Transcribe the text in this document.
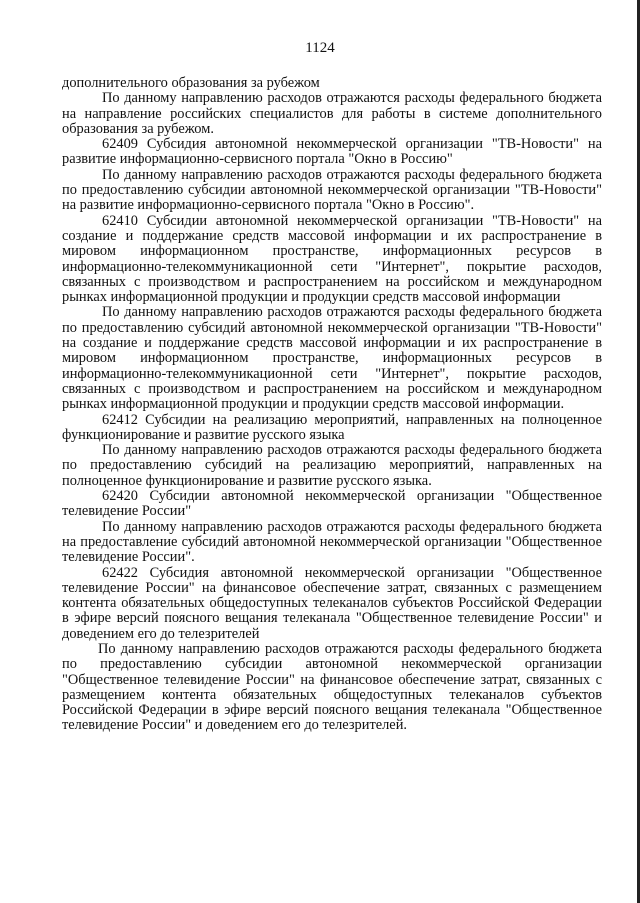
1124

дополнительного образования за рубежом

По данному направлению расходов отражаются расходы федерального бюджета на направление российских специалистов для работы в системе дополнительного образования за рубежом.

62409 Субсидия автономной некоммерческой организации "ТВ-Новости" на развитие информационно-сервисного портала "Окно в Россию"

По данному направлению расходов отражаются расходы федерального бюджета по предоставлению субсидии автономной некоммерческой организации "ТВ-Новости" на развитие информационно-сервисного портала "Окно в Россию".

62410 Субсидии автономной некоммерческой организации "ТВ-Новости" на создание и поддержание средств массовой информации и их распространение в мировом информационном пространстве, информационных ресурсов в информационно-телекоммуникационной сети "Интернет", покрытие расходов, связанных с производством и распространением на российском и международном рынках информационной продукции и продукции средств массовой информации

По данному направлению расходов отражаются расходы федерального бюджета по предоставлению субсидий автономной некоммерческой организации "ТВ-Новости" на создание и поддержание средств массовой информации и их распространение в мировом информационном пространстве, информационных ресурсов в информационно-телекоммуникационной сети "Интернет", покрытие расходов, связанных с производством и распространением на российском и международном рынках информационной продукции и продукции средств массовой информации.

62412 Субсидии на реализацию мероприятий, направленных на полноценное функционирование и развитие русского языка

По данному направлению расходов отражаются расходы федерального бюджета по предоставлению субсидий на реализацию мероприятий, направленных на полноценное функционирование и развитие русского языка.

62420 Субсидии автономной некоммерческой организации "Общественное телевидение России"

По данному направлению расходов отражаются расходы федерального бюджета на предоставление субсидий автономной некоммерческой организации "Общественное телевидение России".

62422 Субсидия автономной некоммерческой организации "Общественное телевидение России" на финансовое обеспечение затрат, связанных с размещением контента обязательных общедоступных телеканалов субъектов Российской Федерации в эфире версий поясного вещания телеканала "Общественное телевидение России" и доведением его до телезрителей

По данному направлению расходов отражаются расходы федерального бюджета по предоставлению субсидии автономной некоммерческой организации "Общественное телевидение России" на финансовое обеспечение затрат, связанных с размещением контента обязательных общедоступных телеканалов субъектов Российской Федерации в эфире версий поясного вещания телеканала "Общественное телевидение России" и доведением его до телезрителей.
